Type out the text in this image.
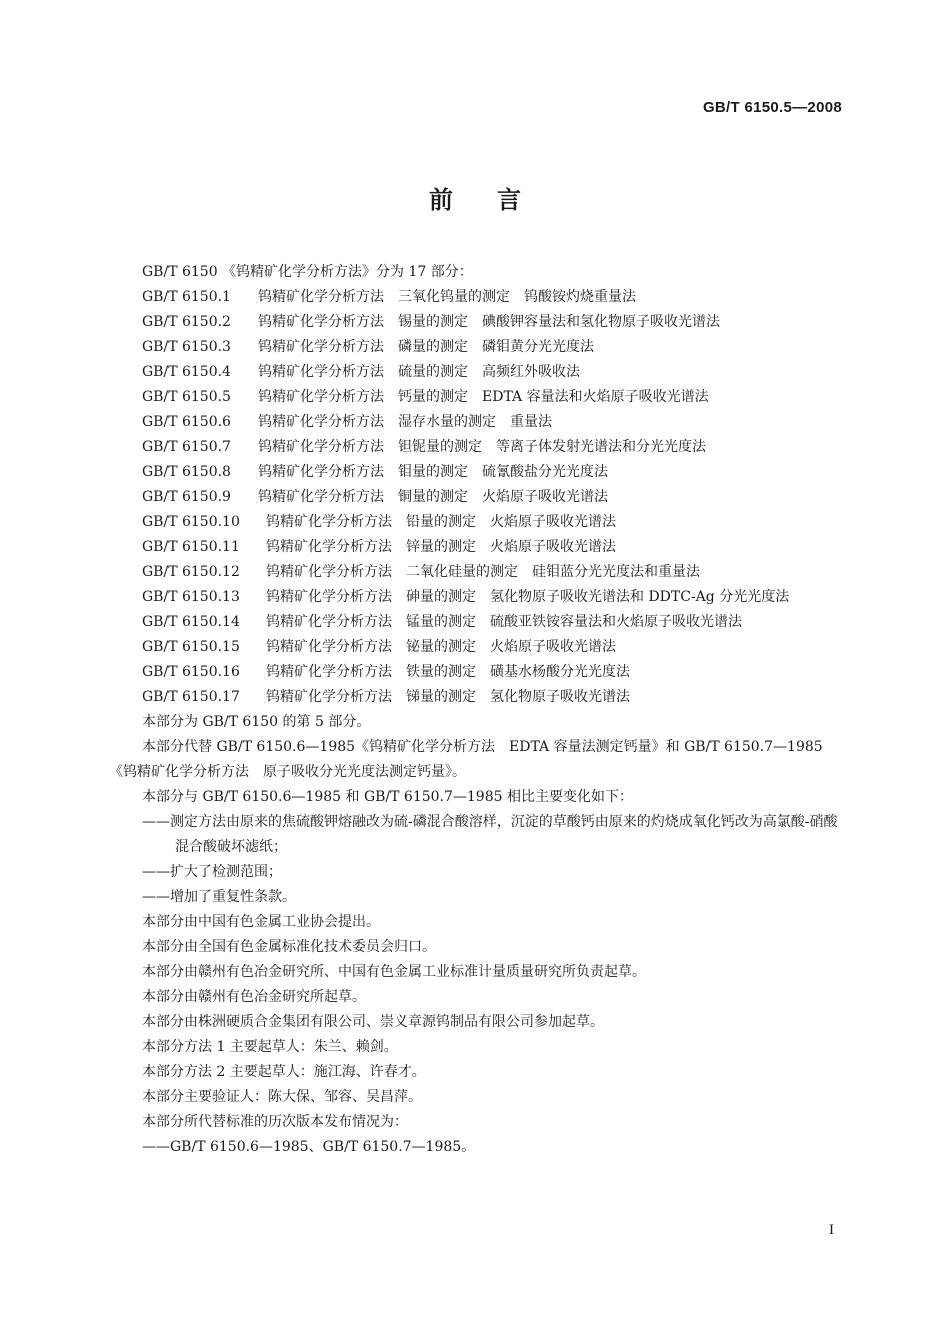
GB/T 6150.5—2008
前言

GB/T 6150 《钨精矿化学分析方法》分为 17 部分：

GB/T 6150.1 钨精矿化学分析方法　三氧化钨量的测定　钨酸铵灼烧重量法

GB/T 6150.2 钨精矿化学分析方法　锡量的测定　碘酸钾容量法和氢化物原子吸收光谱法

GB/T 6150.3 钨精矿化学分析方法　磷量的测定　磷钼黄分光光度法

GB/T 6150.4 钨精矿化学分析方法　硫量的测定　高频红外吸收法

GB/T 6150.5 钨精矿化学分析方法　钙量的测定　EDTA 容量法和火焰原子吸收光谱法

GB/T 6150.6 钨精矿化学分析方法　湿存水量的测定　重量法

GB/T 6150.7 钨精矿化学分析方法　钽铌量的测定　等离子体发射光谱法和分光光度法

GB/T 6150.8 钨精矿化学分析方法　钼量的测定　硫氰酸盐分光光度法

GB/T 6150.9 钨精矿化学分析方法　铜量的测定　火焰原子吸收光谱法

GB/T 6150.10 钨精矿化学分析方法　铅量的测定　火焰原子吸收光谱法

GB/T 6150.11 钨精矿化学分析方法　锌量的测定　火焰原子吸收光谱法

GB/T 6150.12 钨精矿化学分析方法　二氧化硅量的测定　硅钼蓝分光光度法和重量法

GB/T 6150.13 钨精矿化学分析方法　砷量的测定　氢化物原子吸收光谱法和 DDTC-Ag 分光光度法

GB/T 6150.14 钨精矿化学分析方法　锰量的测定　硫酸亚铁铵容量法和火焰原子吸收光谱法

GB/T 6150.15 钨精矿化学分析方法　铋量的测定　火焰原子吸收光谱法

GB/T 6150.16 钨精矿化学分析方法　铁量的测定　磺基水杨酸分光光度法

GB/T 6150.17 钨精矿化学分析方法　锑量的测定　氢化物原子吸收光谱法

本部分为 GB/T 6150 的第 5 部分。

本部分代替 GB/T 6150.6—1985《钨精矿化学分析方法　EDTA 容量法测定钙量》和 GB/T 6150.7—1985《钨精矿化学分析方法　原子吸收分光光度法测定钙量》。

本部分与 GB/T 6150.6—1985 和 GB/T 6150.7—1985 相比主要变化如下：

——测定方法由原来的焦硫酸钾熔融改为硫-磷混合酸溶样，沉淀的草酸钙由原来的灼烧成氧化钙改为高氯酸-硝酸混合酸破坏滤纸；

——扩大了检测范围；

——增加了重复性条款。

本部分由中国有色金属工业协会提出。

本部分由全国有色金属标准化技术委员会归口。

本部分由赣州有色冶金研究所、中国有色金属工业标准计量质量研究所负责起草。

本部分由赣州有色冶金研究所起草。

本部分由株洲硬质合金集团有限公司、崇义章源钨制品有限公司参加起草。

本部分方法 1 主要起草人：朱兰、赖剑。

本部分方法 2 主要起草人：施江海、许春才。

本部分主要验证人：陈大保、邹容、吴昌萍。

本部分所代替标准的历次版本发布情况为：

——GB/T 6150.6—1985、GB/T 6150.7—1985。

I
